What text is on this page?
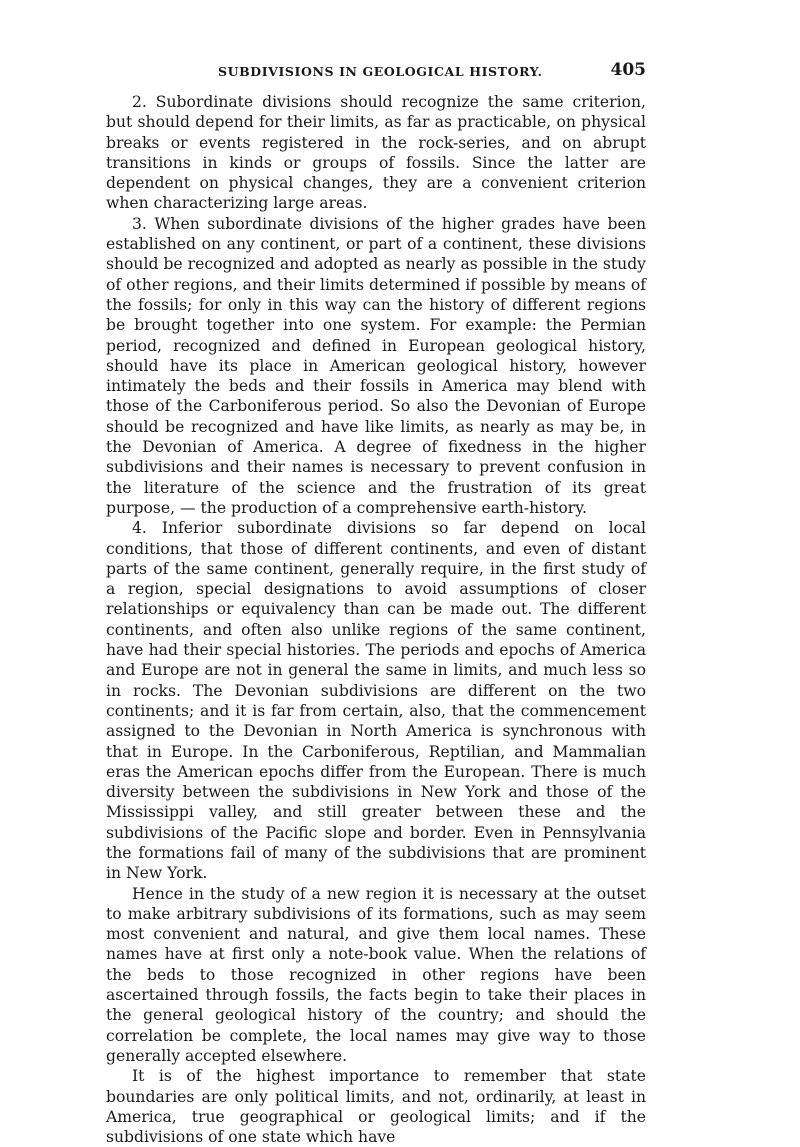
SUBDIVISIONS IN GEOLOGICAL HISTORY.	405

2. Subordinate divisions should recognize the same criterion, but should depend for their limits, as far as practicable, on physical breaks or events registered in the rock-series, and on abrupt transitions in kinds or groups of fossils. Since the latter are dependent on physical changes, they are a convenient criterion when characterizing large areas.

3. When subordinate divisions of the higher grades have been established on any continent, or part of a continent, these divisions should be recognized and adopted as nearly as possible in the study of other regions, and their limits determined if possible by means of the fossils; for only in this way can the history of different regions be brought together into one system. For example: the Permian period, recognized and defined in European geological history, should have its place in American geological history, however intimately the beds and their fossils in America may blend with those of the Carboniferous period. So also the Devonian of Europe should be recognized and have like limits, as nearly as may be, in the Devonian of America. A degree of fixedness in the higher subdivisions and their names is necessary to prevent confusion in the literature of the science and the frustration of its great purpose, — the production of a comprehensive earth-history.

4. Inferior subordinate divisions so far depend on local conditions, that those of different continents, and even of distant parts of the same continent, generally require, in the first study of a region, special designations to avoid assumptions of closer relationships or equivalency than can be made out. The different continents, and often also unlike regions of the same continent, have had their special histories. The periods and epochs of America and Europe are not in general the same in limits, and much less so in rocks. The Devonian subdivisions are different on the two continents; and it is far from certain, also, that the commencement assigned to the Devonian in North America is synchronous with that in Europe. In the Carboniferous, Reptilian, and Mammalian eras the American epochs differ from the European. There is much diversity between the subdivisions in New York and those of the Mississippi valley, and still greater between these and the subdivisions of the Pacific slope and border. Even in Pennsylvania the formations fail of many of the subdivisions that are prominent in New York.

Hence in the study of a new region it is necessary at the outset to make arbitrary subdivisions of its formations, such as may seem most convenient and natural, and give them local names. These names have at first only a note-book value. When the relations of the beds to those recognized in other regions have been ascertained through fossils, the facts begin to take their places in the general geological history of the country; and should the correlation be complete, the local names may give way to those generally accepted elsewhere.

It is of the highest importance to remember that state boundaries are only political limits, and not, ordinarily, at least in America, true geographical or geological limits; and if the subdivisions of one state which have
